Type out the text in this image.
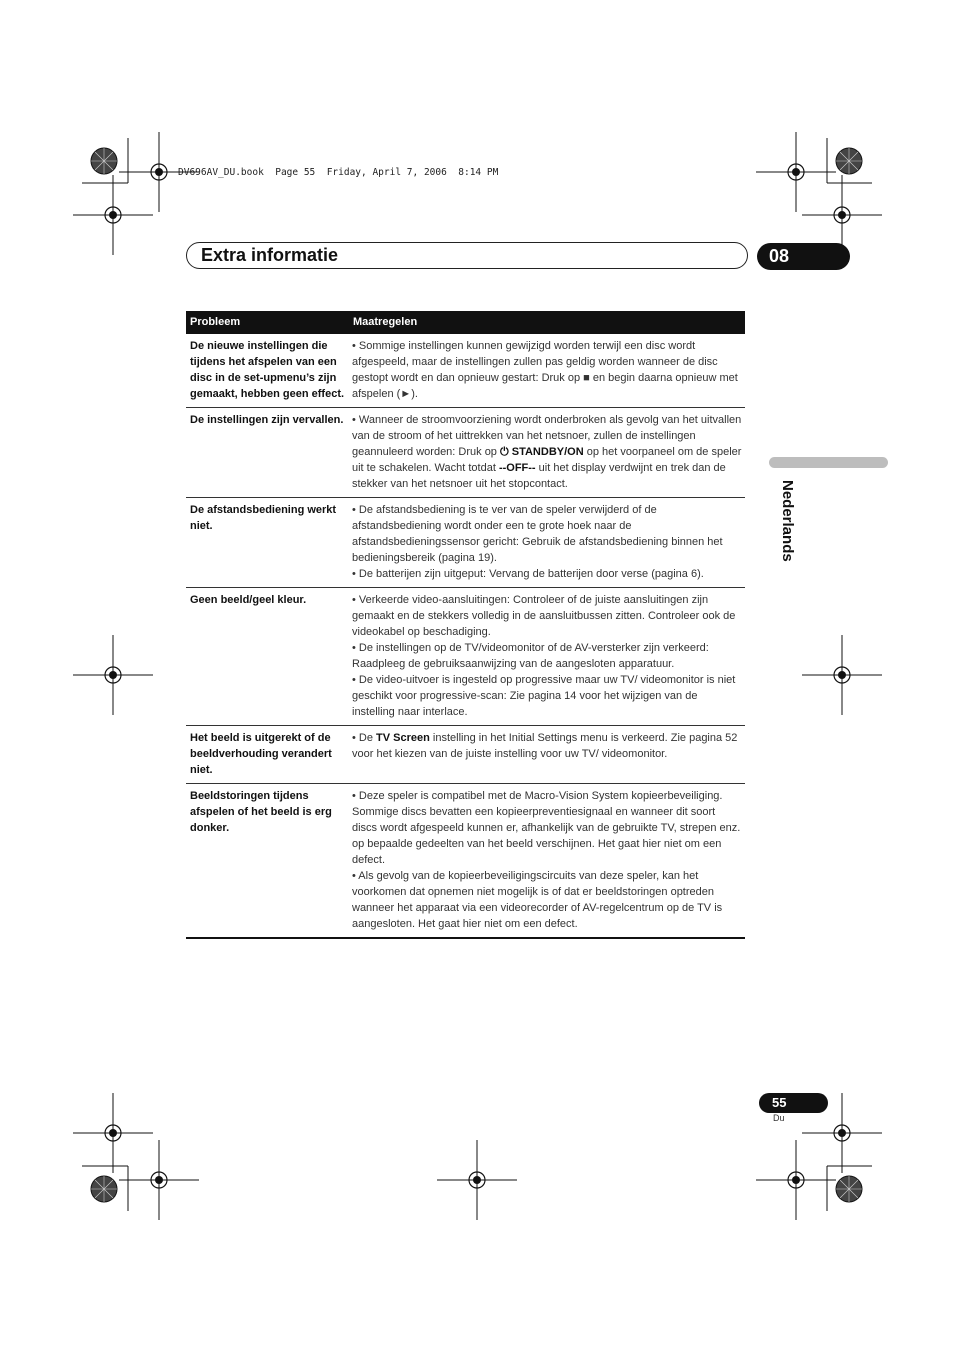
DV696AV_DU.book  Page 55  Friday, April 7, 2006  8:14 PM
Extra informatie	08
Nederlands
Probleem	Maatregelen
De nieuwe instellingen die tijdens het afspelen van een disc in de set-upmenu’s zijn gemaakt, hebben geen effect.	• Sommige instellingen kunnen gewijzigd worden terwijl een disc wordt afgespeeld, maar de instellingen zullen pas geldig worden wanneer de disc gestopt wordt en dan opnieuw gestart: Druk op ■ en begin daarna opnieuw met afspelen (►).

De instellingen zijn vervallen.	• Wanneer de stroomvoorziening wordt onderbroken als gevolg van het uitvallen van de stroom of het uittrekken van het netsnoer, zullen de instellingen geannuleerd worden: Druk op ⏻ STANDBY/ON op het voorpaneel om de speler uit te schakelen. Wacht totdat --OFF-- uit het display verdwijnt en trek dan de stekker van het netsnoer uit het stopcontact.

De afstandsbediening werkt niet.	• De afstandsbediening is te ver van de speler verwijderd of de afstandsbediening wordt onder een te grote hoek naar de afstandsbedieningssensor gericht: Gebruik de afstandsbediening binnen het bedieningsbereik (pagina 19).
• De batterijen zijn uitgeput: Vervang de batterijen door verse (pagina 6).

Geen beeld/geel kleur.	• Verkeerde video-aansluitingen: Controleer of de juiste aansluitingen zijn gemaakt en de stekkers volledig in de aansluitbussen zitten. Controleer ook de videokabel op beschadiging.
• De instellingen op de TV/videomonitor of de AV-versterker zijn verkeerd: Raadpleeg de gebruiksaanwijzing van de aangesloten apparatuur.
• De video-uitvoer is ingesteld op progressive maar uw TV/ videomonitor is niet geschikt voor progressive-scan: Zie pagina 14 voor het wijzigen van de instelling naar interlace.

Het beeld is uitgerekt of de beeldverhouding verandert niet.	• De TV Screen instelling in het Initial Settings menu is verkeerd. Zie pagina 52 voor het kiezen van de juiste instelling voor uw TV/ videomonitor.

Beeldstoringen tijdens afspelen of het beeld is erg donker.	• Deze speler is compatibel met de Macro-Vision System kopieerbeveiliging. Sommige discs bevatten een kopieerpreventiesignaal en wanneer dit soort discs wordt afgespeeld kunnen er, afhankelijk van de gebruikte TV, strepen enz. op bepaalde gedeelten van het beeld verschijnen. Het gaat hier niet om een defect.
• Als gevolg van de kopieerbeveiligingscircuits van deze speler, kan het voorkomen dat opnemen niet mogelijk is of dat er beeldstoringen optreden wanneer het apparaat via een videorecorder of AV-regelcentrum op de TV is aangesloten. Het gaat hier niet om een defect.
55
Du
